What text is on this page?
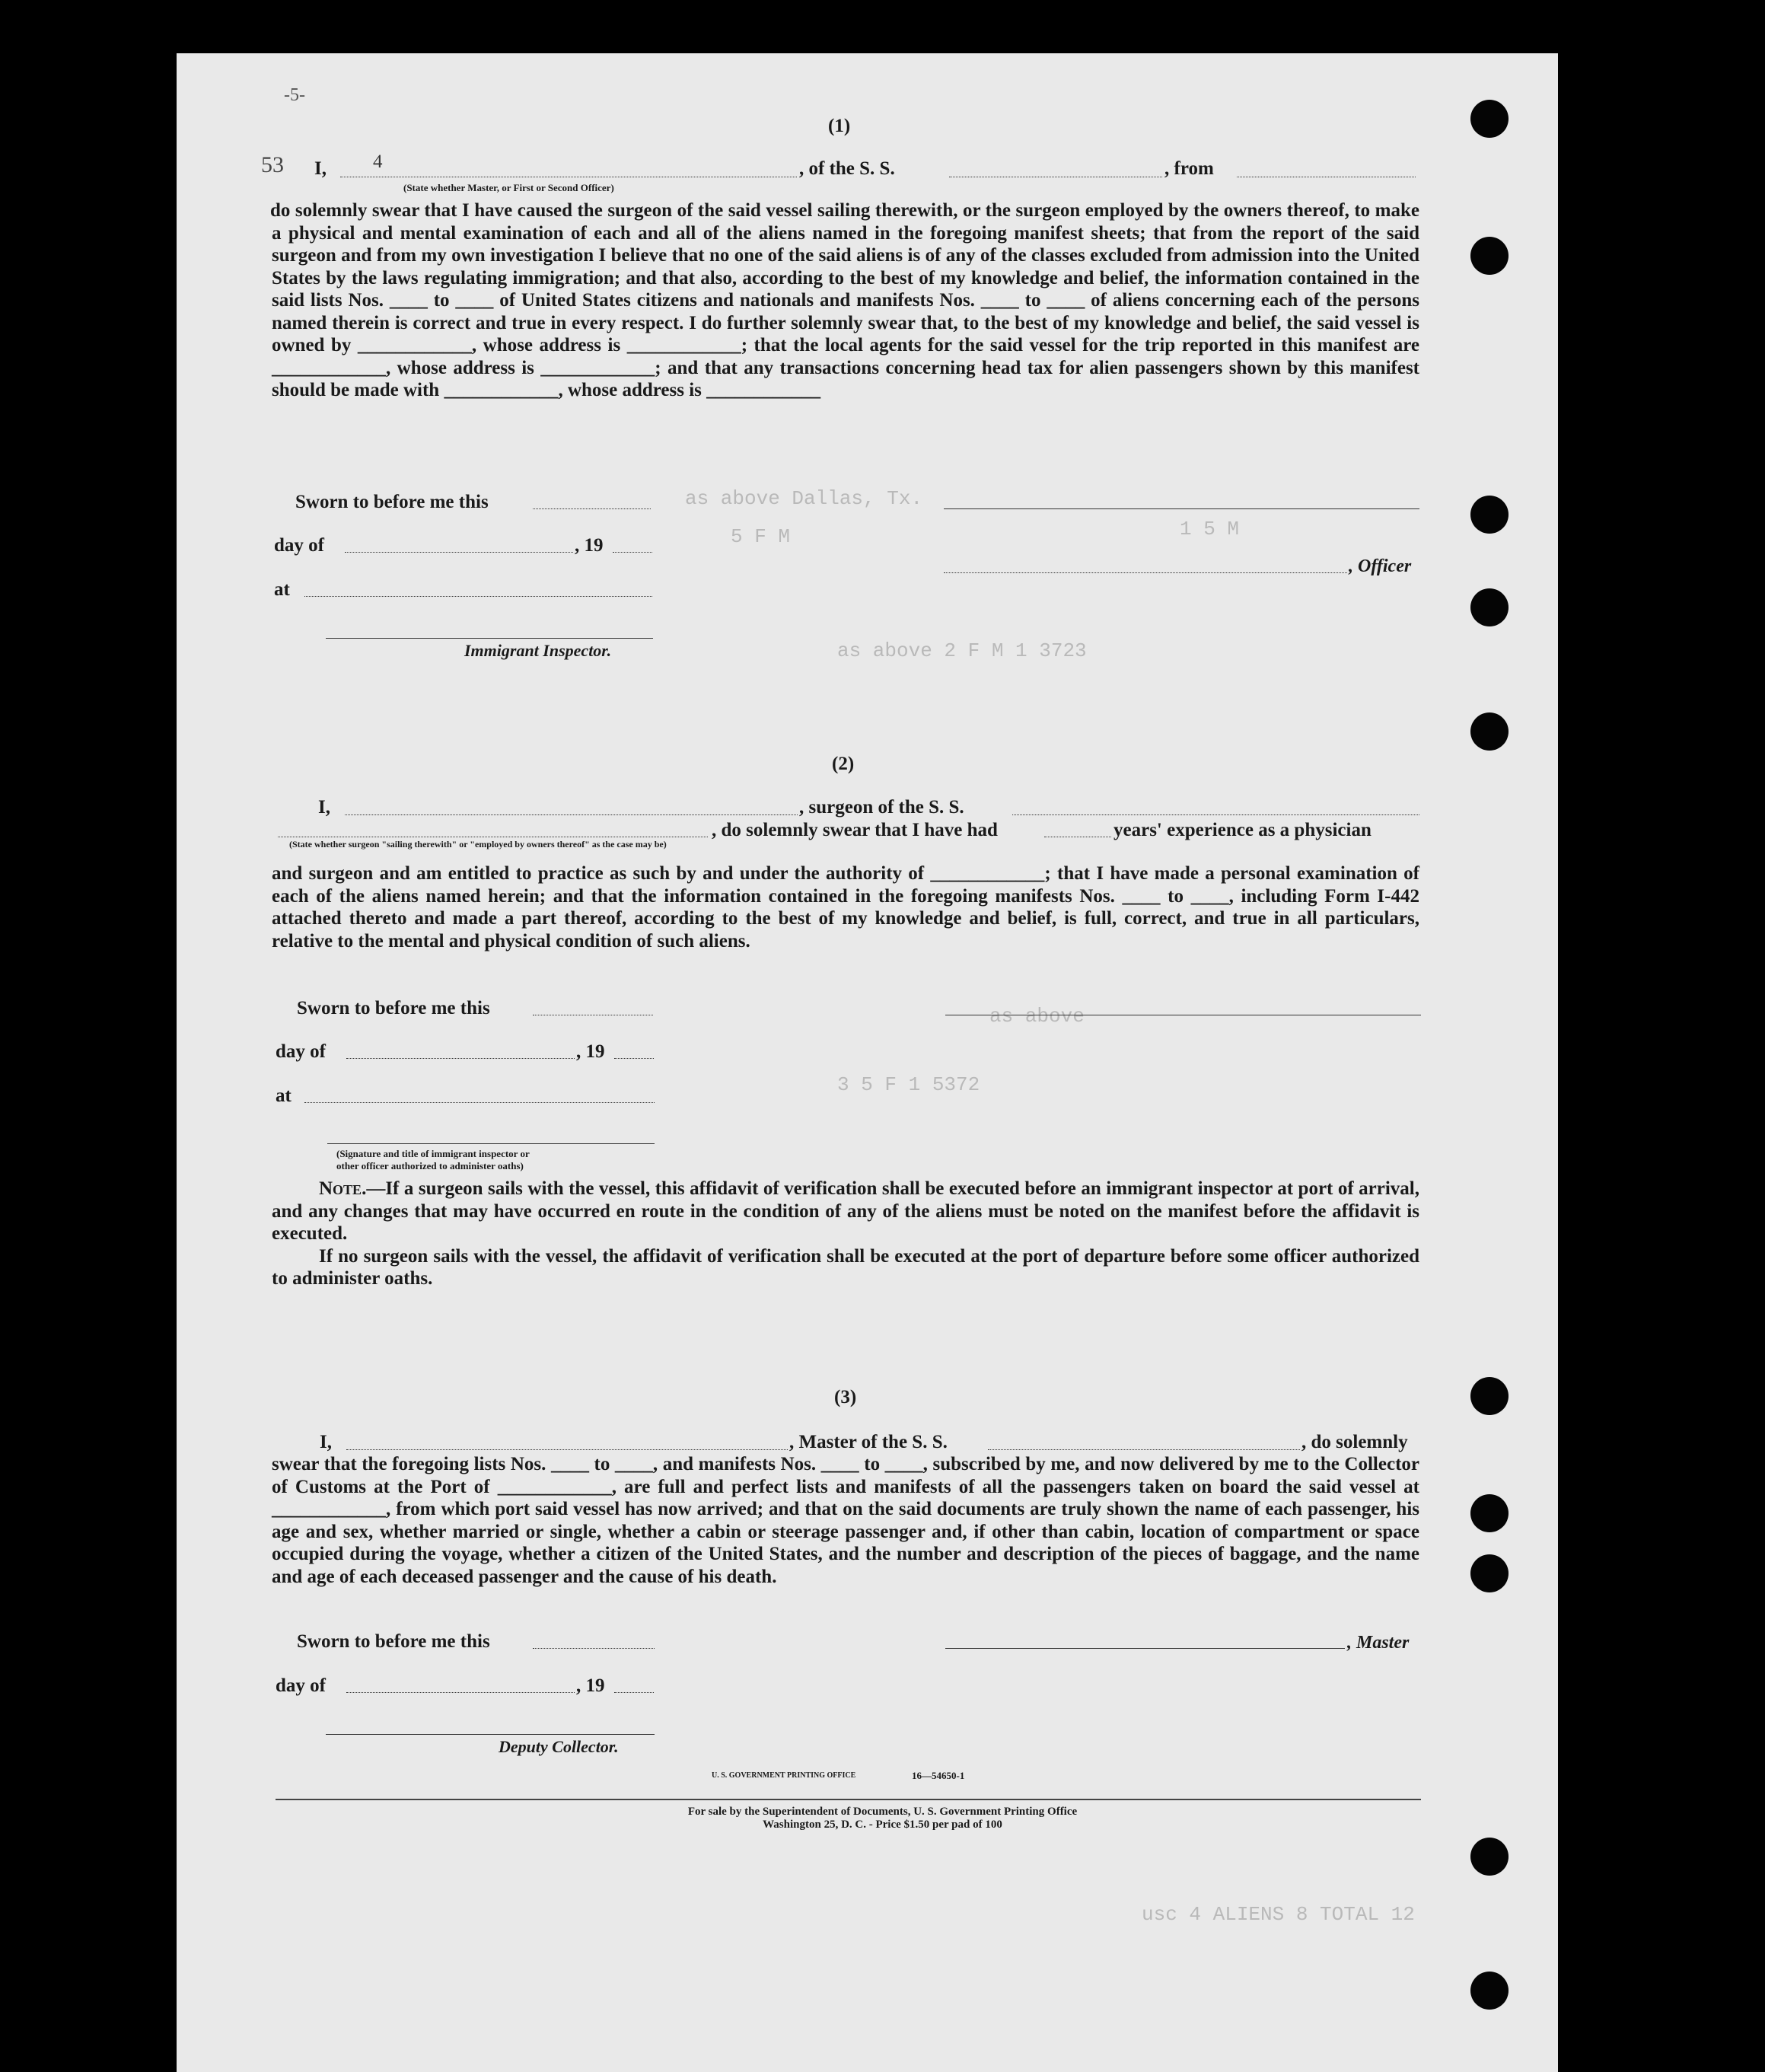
as above Dallas, Tx.
5 F M	1 5 M
as above 2 F M 1 3723
as above
3 5 F 1 5372
usc 4 ALIENS 8 TOTAL 12
-5-
53
(1)
I, 4	, of the S. S.	, from
(State whether Master, or First or Second Officer)

do solemnly swear that I have caused the surgeon of the said vessel sailing therewith, or the surgeon employed by the owners thereof, to make a physical and mental examination of each and all of the aliens named in the foregoing manifest sheets; that from the report of the said surgeon and from my own investigation I believe that no one of the said aliens is of any of the classes excluded from admission into the United States by the laws regulating immigration; and that also, according to the best of my knowledge and belief, the information contained in the said lists Nos. ____ to ____ of United States citizens and nationals and manifests Nos. ____ to ____ of aliens concerning each of the persons named therein is correct and true in every respect. I do further solemnly swear that, to the best of my knowledge and belief, the said vessel is owned by ____________, whose address is ____________; that the local agents for the said vessel for the trip reported in this manifest are ____________, whose address is ____________; and that any transactions concerning head tax for alien passengers shown by this manifest should be made with ____________, whose address is ____________

Sworn to before me this
day of	, 19
, Officer
at
Immigrant Inspector.
(2)
I,	, surgeon of the S. S.
, do solemnly swear that I have had	years' experience as a physician
(State whether surgeon "sailing therewith" or "employed by owners thereof" as the case may be)
and surgeon and am entitled to practice as such by and under the authority of ____________; that I have made a personal examination of each of the aliens named herein; and that the information contained in the foregoing manifests Nos. ____ to ____, including Form I-442 attached thereto and made a part thereof, according to the best of my knowledge and belief, is full, correct, and true in all particulars, relative to the mental and physical condition of such aliens.
Sworn to before me this
day of	, 19
at
(Signature and title of immigrant inspector or
other officer authorized to administer oaths)

Note.—If a surgeon sails with the vessel, this affidavit of verification shall be executed before an immigrant inspector at port of arrival, and any changes that may have occurred en route in the condition of any of the aliens must be noted on the manifest before the affidavit is executed.

If no surgeon sails with the vessel, the affidavit of verification shall be executed at the port of departure before some officer authorized to administer oaths.

(3)
I,	, Master of the S. S.	, do solemnly
swear that the foregoing lists Nos. ____ to ____, and manifests Nos. ____ to ____, subscribed by me, and now delivered by me to the Collector of Customs at the Port of ____________, are full and perfect lists and manifests of all the passengers taken on board the said vessel at ____________, from which port said vessel has now arrived; and that on the said documents are truly shown the name of each passenger, his age and sex, whether married or single, whether a cabin or steerage passenger and, if other than cabin, location of compartment or space occupied during the voyage, whether a citizen of the United States, and the number and description of the pieces of baggage, and the name and age of each deceased passenger and the cause of his death.
Sworn to before me this	, Master
day of	, 19
Deputy Collector.
U. S. GOVERNMENT PRINTING OFFICE	16—54650-1
For sale by the Superintendent of Documents, U. S. Government Printing Office
Washington 25, D. C. - Price $1.50 per pad of 100
